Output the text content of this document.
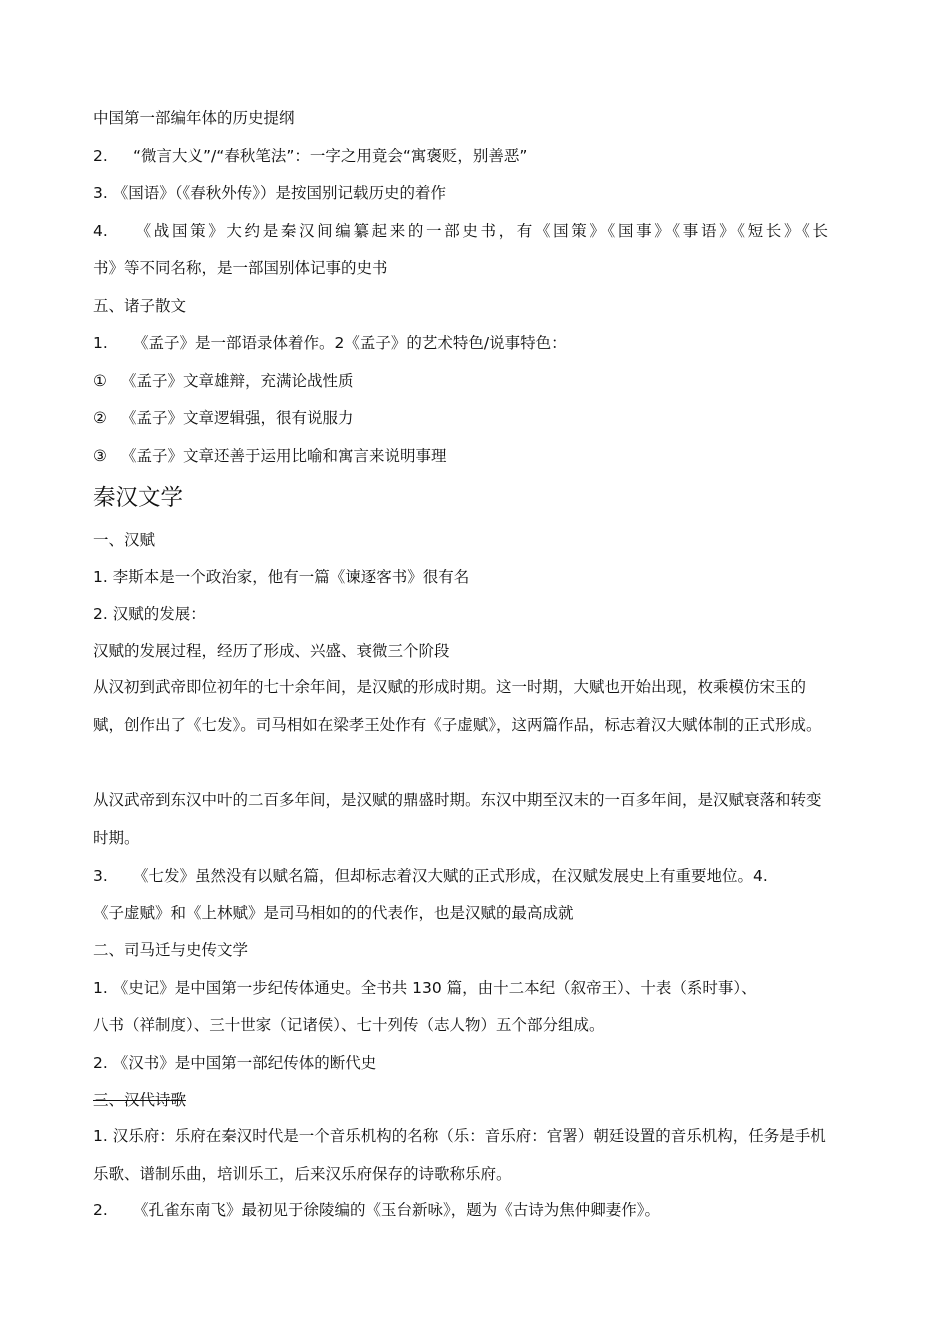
中国第一部编年体的历史提纲
2. “微言大义”/“春秋笔法”：一字之用竟会“寓褒贬，别善恶”
3. 《国语》（《春秋外传》）是按国别记载历史的着作
4. 《战国策》大约是秦汉间编纂起来的一部史书，有《国策》《国事》《事语》《短长》《长
书》等不同名称，是一部国别体记事的史书
五、诸子散文
1. 《孟子》是一部语录体着作。2《孟子》的艺术特色/说事特色：
① 《孟子》文章雄辩，充满论战性质
② 《孟子》文章逻辑强，很有说服力
③ 《孟子》文章还善于运用比喻和寓言来说明事理
秦汉文学
一、汉赋
1. 李斯本是一个政治家，他有一篇《谏逐客书》很有名
2. 汉赋的发展：
汉赋的发展过程，经历了形成、兴盛、衰微三个阶段
从汉初到武帝即位初年的七十余年间，是汉赋的形成时期。这一时期，大赋也开始出现，枚乘模仿宋玉的赋，创作出了《七发》。司马相如在梁孝王处作有《子虚赋》，这两篇作品，标志着汉大赋体制的正式形成。
从汉武帝到东汉中叶的二百多年间，是汉赋的鼎盛时期。东汉中期至汉末的一百多年间，是汉赋衰落和转变时期。
3. 《七发》虽然没有以赋名篇，但却标志着汉大赋的正式形成，在汉赋发展史上有重要地位。4.
《子虚赋》和《上林赋》是司马相如的的代表作，也是汉赋的最高成就
二、司马迁与史传文学
1. 《史记》是中国第一步纪传体通史。全书共 130 篇，由十二本纪（叙帝王）、十表（系时事）、
八书（祥制度）、三十世家（记诸侯）、七十列传（志人物）五个部分组成。
2. 《汉书》是中国第一部纪传体的断代史
三、汉代诗歌
1. 汉乐府：乐府在秦汉时代是一个音乐机构的名称（乐：音乐府：官署）朝廷设置的音乐机构，任务是手机乐歌、谱制乐曲，培训乐工，后来汉乐府保存的诗歌称乐府。
2. 《孔雀东南飞》最初见于徐陵编的《玉台新咏》，题为《古诗为焦仲卿妻作》。
